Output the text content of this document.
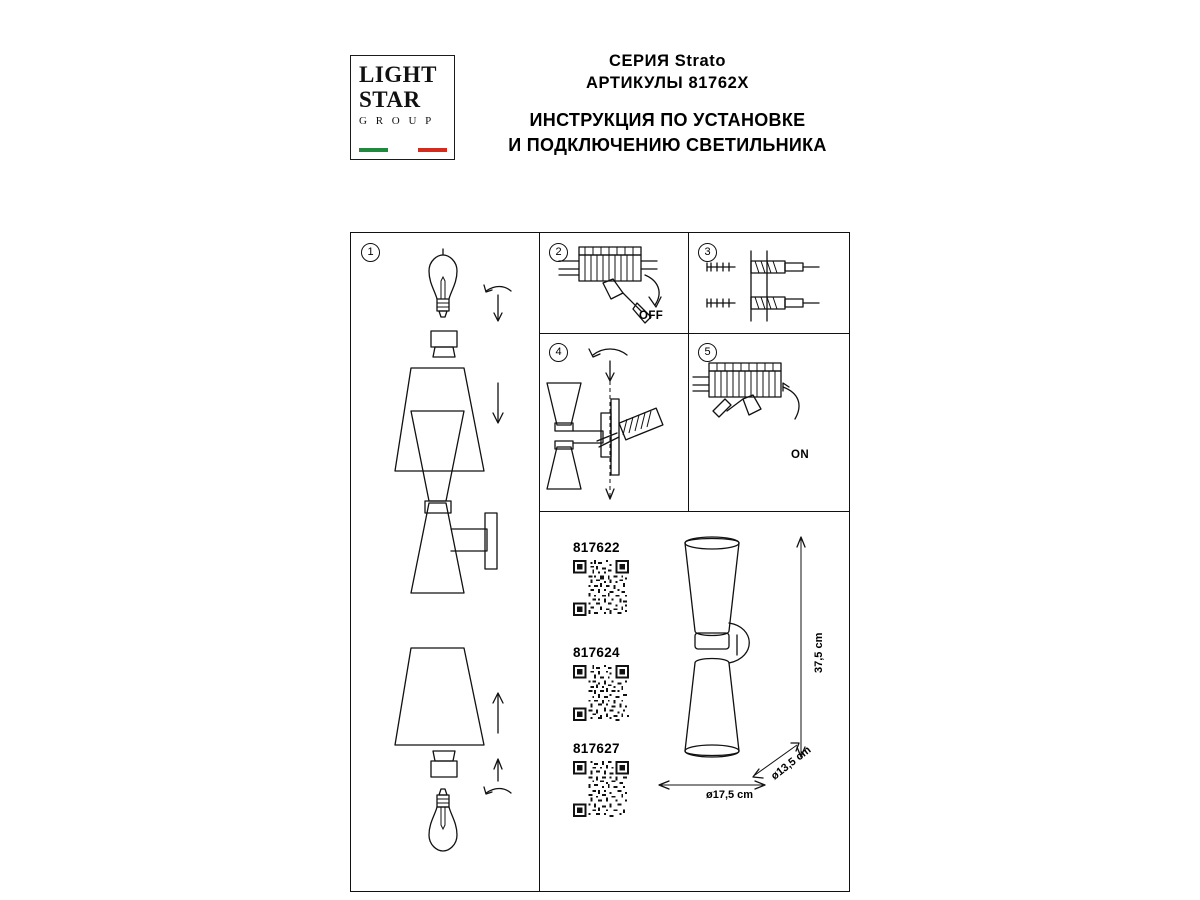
LIGHT
STAR
G R O U P
СЕРИЯ Strato
АРТИКУЛЫ 81762X
ИНСТРУКЦИЯ ПО УСТАНОВКЕ
И ПОДКЛЮЧЕНИЮ СВЕТИЛЬНИКА
1	2	3
4	5
OFF
ON
817622
817624
817627
37,5 cm
ø17,5 cm
ø13,5 cm
